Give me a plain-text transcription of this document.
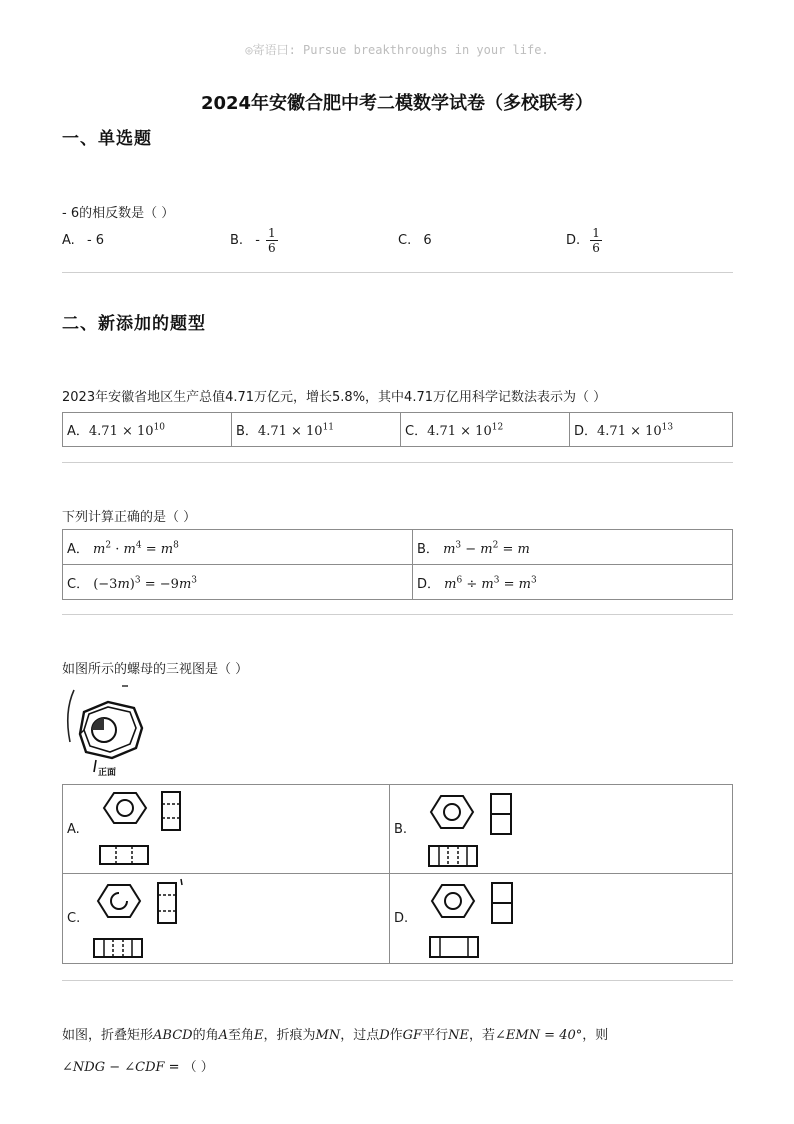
◎寄语曰: Pursue breakthroughs in your life.
2024年安徽合肥中考二模数学试卷（多校联考）
一、单选题
- 6的相反数是（ ）
A. - 6	B. - $\frac{1}{6}$	C. 6	D. $\frac{1}{6}$
二、新添加的题型
2023年安徽省地区生产总值4.71万亿元，增长5.8%，其中4.71万亿用科学记数法表示为（ ）
A．$4.71 \times 10^{10}$	B．$4.71 \times 10^{11}$	C．$4.71 \times 10^{12}$	D．$4.71 \times 10^{13}$
下列计算正确的是（ ）
A． $m^2 \cdot m^4 = m^8$	B． $m^3 - m^2 = m$
C． $(-3m)^3 = -9m^3$	D． $m^6 \div m^3 = m^3$
如图所示的螺母的三视图是（ ）
正面
A.	B.

C.	D.
如图，折叠矩形ABCD的角A至角E，折痕为MN，过点D作GF平行NE，若∠EMN = 40°，则
∠NDG − ∠CDF = （ ）
